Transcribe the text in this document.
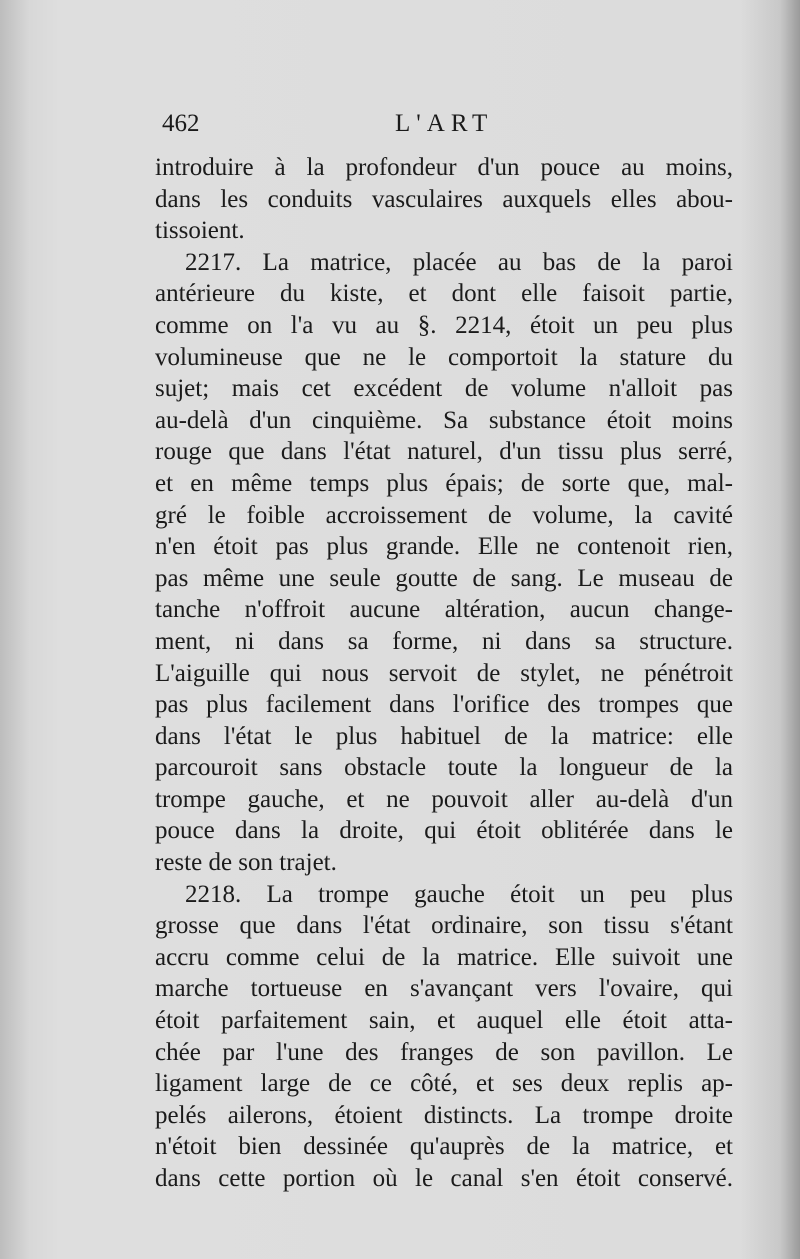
462	L'ART
introduire à la profondeur d'un pouce au moins,
dans les conduits vasculaires auxquels elles abou-
tissoient.
2217. La matrice, placée au bas de la paroi
antérieure du kiste, et dont elle faisoit partie,
comme on l'a vu au §. 2214, étoit un peu plus
volumineuse que ne le comportoit la stature du
sujet; mais cet excédent de volume n'alloit pas
au-delà d'un cinquième. Sa substance étoit moins
rouge que dans l'état naturel, d'un tissu plus serré,
et en même temps plus épais; de sorte que, mal-
gré le foible accroissement de volume, la cavité
n'en étoit pas plus grande. Elle ne contenoit rien,
pas même une seule goutte de sang. Le museau de
tanche n'offroit aucune altération, aucun change-
ment, ni dans sa forme, ni dans sa structure.
L'aiguille qui nous servoit de stylet, ne pénétroit
pas plus facilement dans l'orifice des trompes que
dans l'état le plus habituel de la matrice: elle
parcouroit sans obstacle toute la longueur de la
trompe gauche, et ne pouvoit aller au-delà d'un
pouce dans la droite, qui étoit oblitérée dans le
reste de son trajet.
2218. La trompe gauche étoit un peu plus
grosse que dans l'état ordinaire, son tissu s'étant
accru comme celui de la matrice. Elle suivoit une
marche tortueuse en s'avançant vers l'ovaire, qui
étoit parfaitement sain, et auquel elle étoit atta-
chée par l'une des franges de son pavillon. Le
ligament large de ce côté, et ses deux replis ap-
pelés ailerons, étoient distincts. La trompe droite
n'étoit bien dessinée qu'auprès de la matrice, et
dans cette portion où le canal s'en étoit conservé.
